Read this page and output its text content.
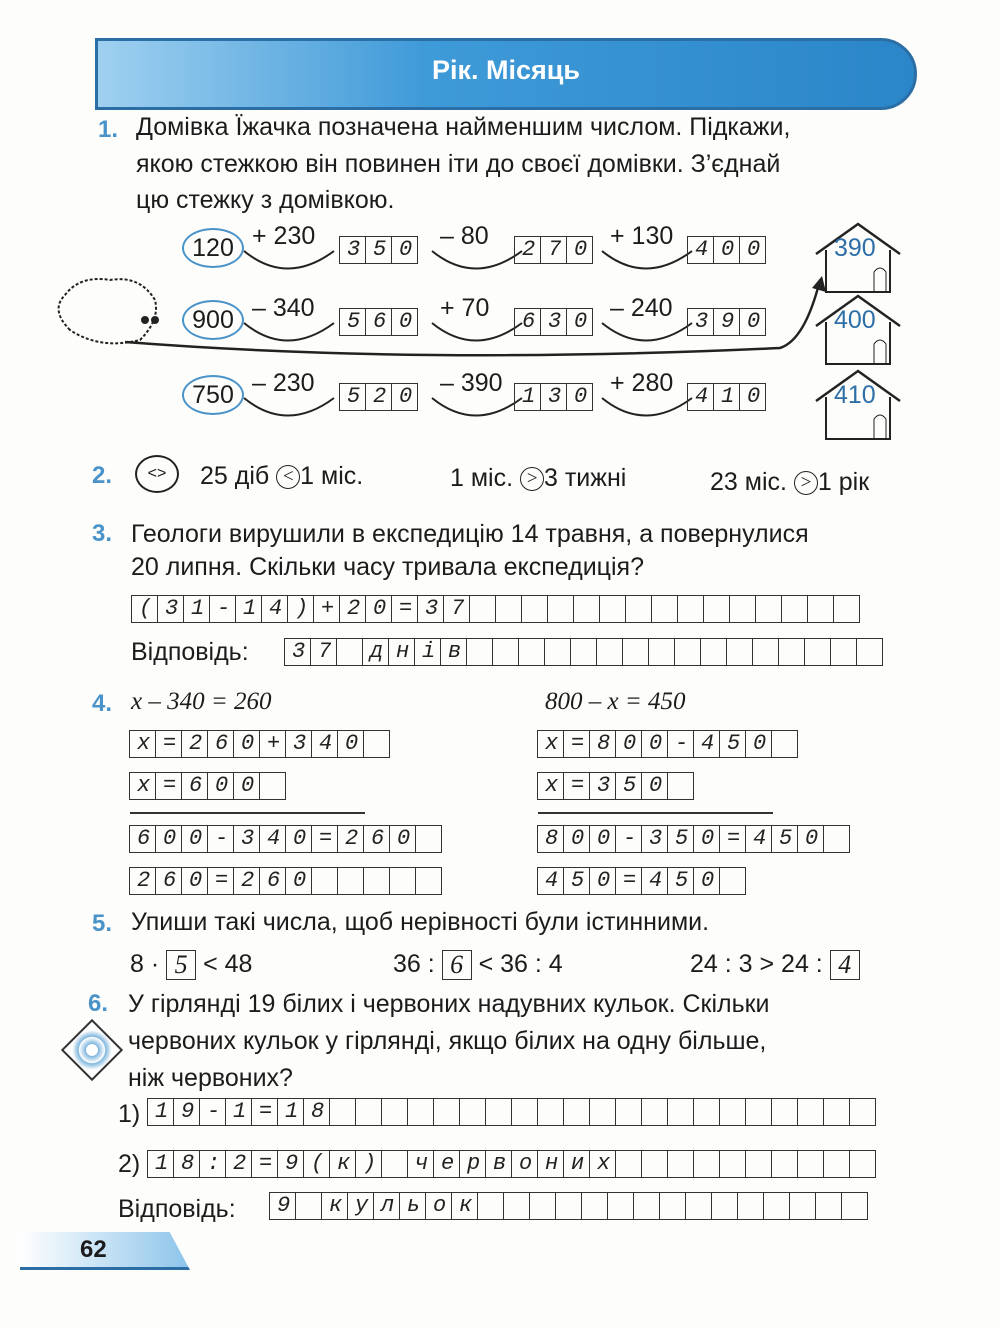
Рік. Місяць
1. Домівка Їжачка позначена найменшим числом. Підкажи,
якою стежкою він повинен іти до своєї домівки. З’єднай
цю стежку з домівкою.
120 + 230	350 – 80	270 + 130 400 390
900 – 340	560 + 70	630 – 240	390 400
750 – 230	520 – 390 130 + 280 410 410
2.	<>	25 діб < 1 міс.	1 міс. > 3 тижні	23 міс. > 1 рік
3. Геологи вирушили в експедицію 14 травня, а повернулися
20 липня. Скільки часу тривала експедиція?
(31-14)+20=37
Відповідь:	37 днів
4. x – 340 = 260	800 – x = 450
x=260+340
x=600
600-340=260
260=260
x=800-450
x=350
800-350=450
450=450
5. Упиши такі числа, щоб нерівності були істинними.
8 · 5 < 48	36 : 6 < 36 : 4	24 : 3 > 24 : 4
6. У гірлянді 19 білих і червоних надувних кульок. Скільки
червоних кульок у гірлянді, якщо білих на одну більше,
ніж червоних?
1) 19-1=18
2) 18:2=9(к) червоних
Відповідь:	9 кульок
62
